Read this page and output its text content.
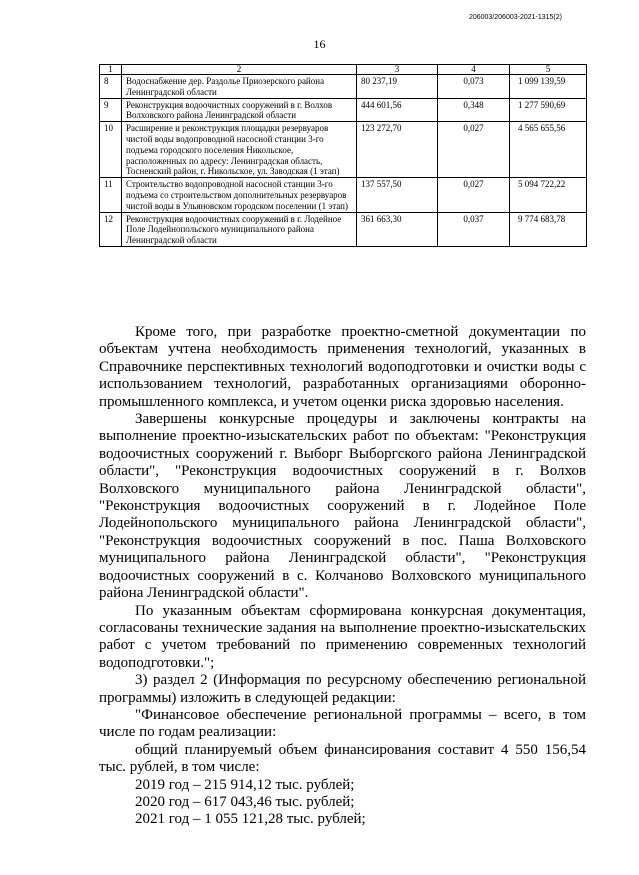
206003/206003-2021-1315(2)
16
1	2	3	4	5
8	Водоснабжение дер. Раздолье Приозерского района Ленинградской области	80 237,19	0,073	1 099 139,59
9	Реконструкция водоочистных сооружений в г. Волхов Волховского района Ленинградской области	444 601,56	0,348	1 277 590,69
10	Расширение и реконструкция площадки резервуаров чистой воды водопроводной насосной станции 3-го подъема городского поселения Никольское, расположенных по адресу: Ленинградская область, Тосненский район, г. Никольское, ул. Заводская (1 этап)	123 272,70	0,027	4 565 655,56
11	Строительство водопроводной насосной станции 3-го подъема со строительством дополнительных резервуаров чистой воды в Ульяновском городском поселении (1 этап)	137 557,50	0,027	5 094 722,22
12	Реконструкция водоочистных сооружений в г. Лодейное Поле Лодейнопольского муниципального района Ленинградской области	361 663,30	0,037	9 774 683,78

Кроме того, при разработке проектно-сметной документации по объектам учтена необходимость применения технологий, указанных в Справочнике перспективных технологий водоподготовки и очистки воды с использованием технологий, разработанных организациями оборонно-промышленного комплекса, и учетом оценки риска здоровью населения.

Завершены конкурсные процедуры и заключены контракты на выполнение проектно-изыскательских работ по объектам: "Реконструкция водоочистных сооружений г. Выборг Выборгского района Ленинградской области", "Реконструкция водоочистных сооружений в г. Волхов Волховского муниципального района Ленинградской области", "Реконструкция водоочистных сооружений в г. Лодейное Поле Лодейнопольского муниципального района Ленинградской области", "Реконструкция водоочистных сооружений в пос. Паша Волховского муниципального района Ленинградской области", "Реконструкция водоочистных сооружений в с. Колчаново Волховского муниципального района Ленинградской области".

По указанным объектам сформирована конкурсная документация, согласованы технические задания на выполнение проектно-изыскательских работ с учетом требований по применению современных технологий водоподготовки.";

3) раздел 2 (Информация по ресурсному обеспечению региональной программы) изложить в следующей редакции:

"Финансовое обеспечение региональной программы – всего, в том числе по годам реализации:

общий планируемый объем финансирования составит 4 550 156,54 тыс. рублей, в том числе:

2019 год – 215 914,12 тыс. рублей;

2020 год – 617 043,46 тыс. рублей;

2021 год – 1 055 121,28 тыс. рублей;
